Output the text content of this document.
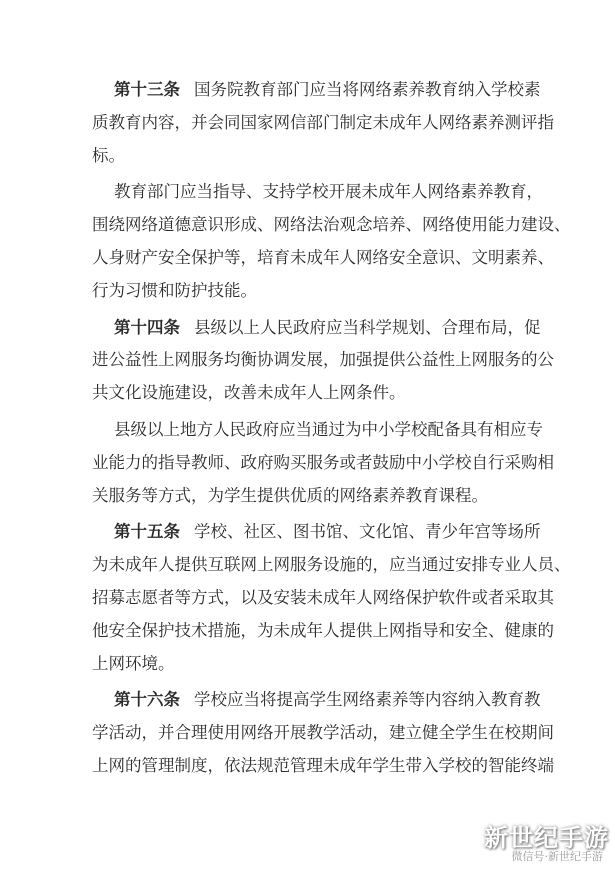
第十三条 国务院教育部门应当将网络素养教育纳入学校素
质教育内容，并会同国家网信部门制定未成年人网络素养测评指
标。

教育部门应当指导、支持学校开展未成年人网络素养教育，
围绕网络道德意识形成、网络法治观念培养、网络使用能力建设、
人身财产安全保护等，培育未成年人网络安全意识、文明素养、
行为习惯和防护技能。

第十四条 县级以上人民政府应当科学规划、合理布局，促
进公益性上网服务均衡协调发展，加强提供公益性上网服务的公
共文化设施建设，改善未成年人上网条件。

县级以上地方人民政府应当通过为中小学校配备具有相应专
业能力的指导教师、政府购买服务或者鼓励中小学校自行采购相
关服务等方式，为学生提供优质的网络素养教育课程。

第十五条 学校、社区、图书馆、文化馆、青少年宫等场所
为未成年人提供互联网上网服务设施的，应当通过安排专业人员、
招募志愿者等方式，以及安装未成年人网络保护软件或者采取其
他安全保护技术措施，为未成年人提供上网指导和安全、健康的
上网环境。

第十六条 学校应当将提高学生网络素养等内容纳入教育教
学活动，并合理使用网络开展教学活动，建立健全学生在校期间
上网的管理制度，依法规范管理未成年学生带入学校的智能终端

新世纪手游
微信号·新世纪手游
